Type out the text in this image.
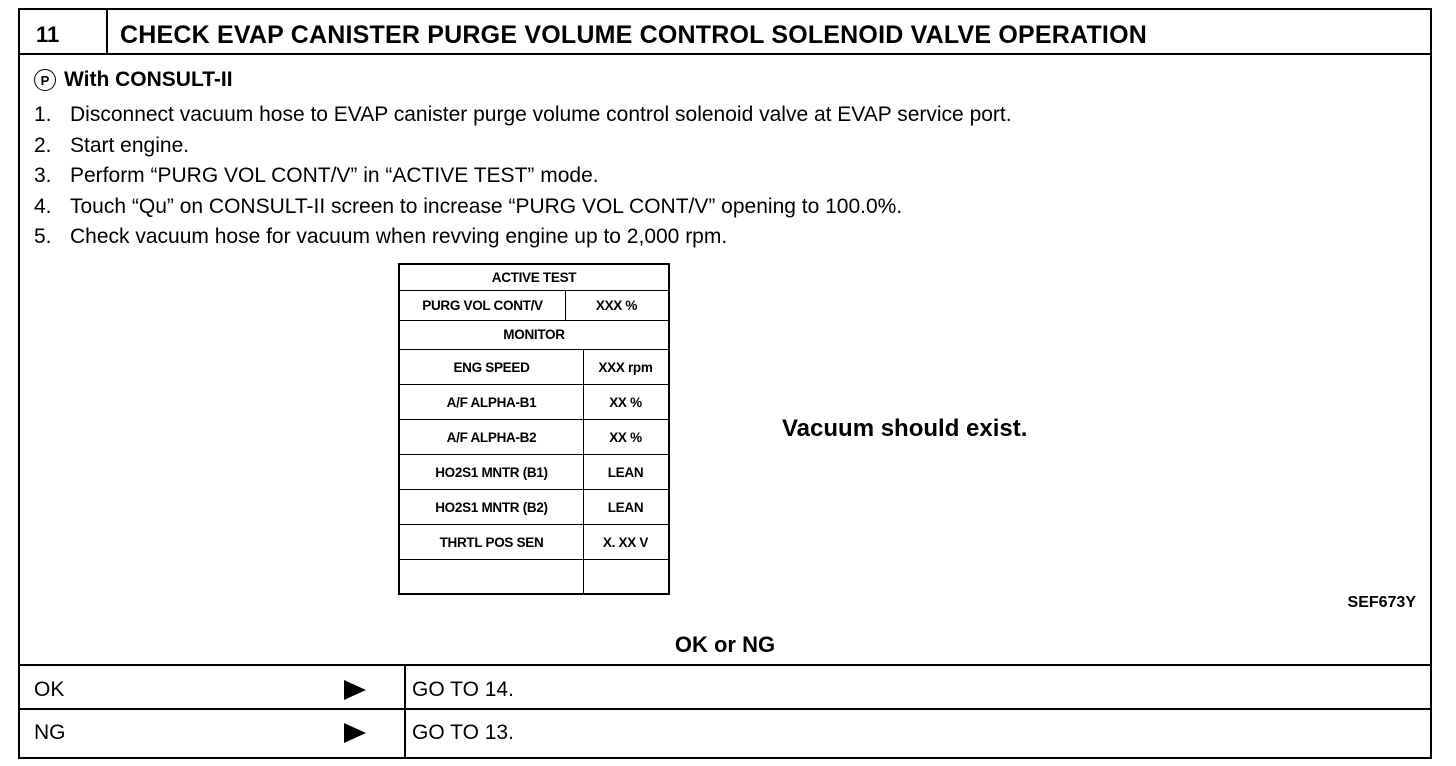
11 CHECK EVAP CANISTER PURGE VOLUME CONTROL SOLENOID VALVE OPERATION
P With CONSULT-II
1. Disconnect vacuum hose to EVAP canister purge volume control solenoid valve at EVAP service port.
2. Start engine.
3. Perform “PURG VOL CONT/V” in “ACTIVE TEST” mode.
4. Touch “Qu” on CONSULT-II screen to increase “PURG VOL CONT/V” opening to 100.0%.
5. Check vacuum hose for vacuum when revving engine up to 2,000 rpm.
ACTIVE TEST
PURG VOL CONT/V	XXX %
MONITOR
ENG SPEED	XXX rpm
A/F ALPHA-B1	XX %
A/F ALPHA-B2	XX %
HO2S1 MNTR (B1)	LEAN
HO2S1 MNTR (B2)	LEAN
THRTL POS SEN	X. XX V
Vacuum should exist.
SEF673Y
OK or NG
OK	GO TO 14.
NG	GO TO 13.
